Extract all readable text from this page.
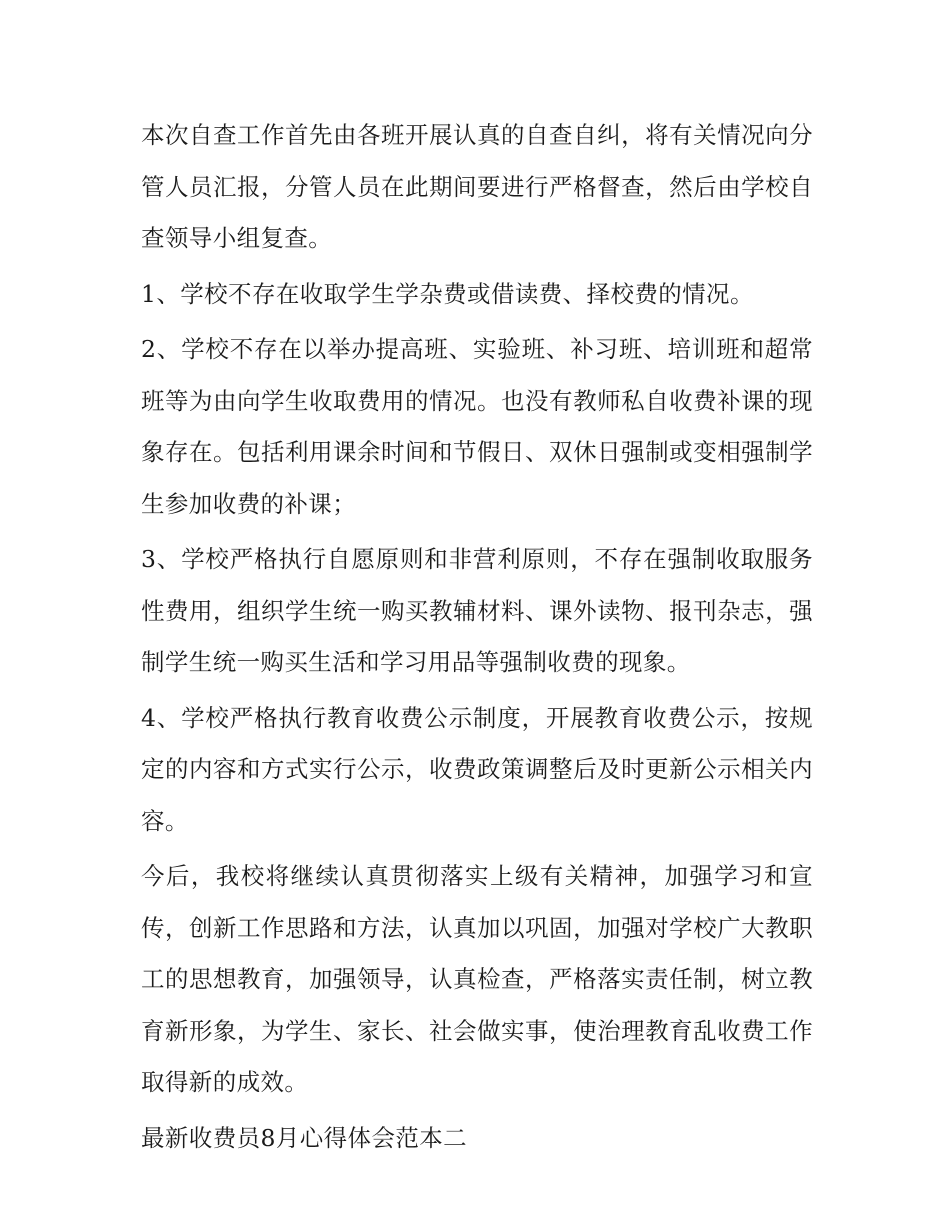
本次自查工作首先由各班开展认真的自查自纠，将有关情况向分管人员汇报，分管人员在此期间要进行严格督查，然后由学校自查领导小组复查。

1、学校不存在收取学生学杂费或借读费、择校费的情况。

2、学校不存在以举办提高班、实验班、补习班、培训班和超常班等为由向学生收取费用的情况。也没有教师私自收费补课的现象存在。包括利用课余时间和节假日、双休日强制或变相强制学生参加收费的补课；

3、学校严格执行自愿原则和非营利原则，不存在强制收取服务性费用，组织学生统一购买教辅材料、课外读物、报刊杂志，强制学生统一购买生活和学习用品等强制收费的现象。

4、学校严格执行教育收费公示制度，开展教育收费公示，按规定的内容和方式实行公示，收费政策调整后及时更新公示相关内容。

今后，我校将继续认真贯彻落实上级有关精神，加强学习和宣传，创新工作思路和方法，认真加以巩固，加强对学校广大教职工的思想教育，加强领导，认真检查，严格落实责任制，树立教育新形象，为学生、家长、社会做实事，使治理教育乱收费工作取得新的成效。

最新收费员8月心得体会范本二
